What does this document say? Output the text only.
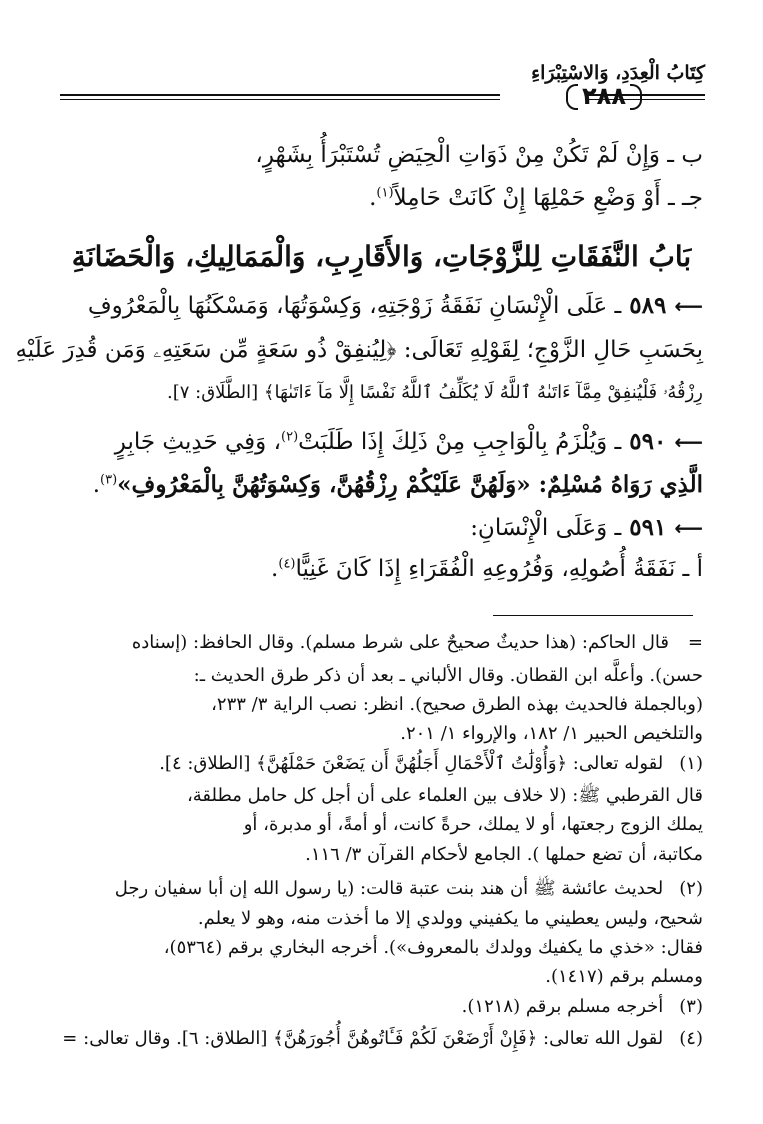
كِتَابُ الْعِدَدِ، وَالاسْتِبْرَاءِ
٢٨٨
ب ـ وَإِنْ لَمْ تَكُنْ مِنْ ذَوَاتِ الْحِيَضِ تُسْتَبْرَأُ بِشَهْرٍ،
جـ ـ أَوْ وَضْعِ حَمْلِهَا إِنْ كَانَتْ حَامِلاً$^{(١)}$.
بَابُ النَّفَقَاتِ لِلزَّوْجَاتِ، وَالأَقَارِبِ، وَالْمَمَالِيكِ، وَالْحَضَانَةِ
⟵ ٥٨٩ـ عَلَى الْإِنْسَانِ نَفَقَةُ زَوْجَتِهِ، وَكِسْوَتُهَا، وَمَسْكَنُهَا بِالْمَعْرُوفِ
بِحَسَبِ حَالِ الزَّوْجِ؛ لِقَوْلِهِ تَعَالَى: ﴿لِيُنفِقْ ذُو سَعَةٍ مِّن سَعَتِهِۦ وَمَن قُدِرَ عَلَيْهِ
رِزْقُهُۥ فَلْيُنفِقْ مِمَّآ ءَاتَىٰهُ ٱللَّهُ لَا يُكَلِّفُ ٱللَّهُ نَفْسًا إِلَّا مَآ ءَاتَىٰهَا﴾ [الطَّلَاق: ٧].
⟵ ٥٩٠ـ وَيُلْزَمُ بِالْوَاجِبِ مِنْ ذَلِكَ إِذَا طَلَبَتْ$^{(٢)}$، وَفِي حَدِيثِ جَابِرٍ
الَّذِي رَوَاهُ مُسْلِمٌ: «وَلَهُنَّ عَلَيْكُمْ رِزْقُهُنَّ، وَكِسْوَتُهُنَّ بِالْمَعْرُوفِ»$^{(٣)}$.
⟵ ٥٩١ـ وَعَلَى الْإِنْسَانِ:
أ ـ نَفَقَةُ أُصُولِهِ، وَفُرُوعِهِ الْفُقَرَاءِ إِذَا كَانَ غَنِيًّا$^{(٤)}$.
=قال الحاكم: (هذا حديثٌ صحيحٌ على شرط مسلم). وقال الحافظ: (إسناده
حسن). وأعلَّه ابن القطان. وقال الألباني ـ بعد أن ذكر طرق الحديث ـ:
(وبالجملة فالحديث بهذه الطرق صحيح). انظر: نصب الراية ٣/ ٢٣٣،
والتلخيص الحبير ١/ ١٨٢، والإرواء ١/ ٢٠١.
(١) لقوله تعالى: ﴿وَأُوْلَٰتُ ٱلْأَحْمَالِ أَجَلُهُنَّ أَن يَضَعْنَ حَمْلَهُنَّ﴾ [الطلاق: ٤].
قال القرطبي ﷺ: (لا خلاف بين العلماء على أن أجل كل حامل مطلقة،
يملك الزوج رجعتها، أو لا يملك، حرةً كانت، أو أمةً، أو مدبرة، أو
مكاتبة، أن تضع حملها ). الجامع لأحكام القرآن ٣/ ١١٦.
(٢) لحديث عائشة ﷺ أن هند بنت عتبة قالت: (يا رسول الله إن أبا سفيان رجل
شحيح، وليس يعطيني ما يكفيني وولدي إلا ما أخذت منه، وهو لا يعلم.
فقال: «خذي ما يكفيك وولدك بالمعروف»). أخرجه البخاري برقم (٥٣٦٤)،
ومسلم برقم (١٤١٧).
(٣) أخرجه مسلم برقم (١٢١٨).
(٤) لقول الله تعالى: ﴿فَإِنْ أَرْضَعْنَ لَكُمْ فَـَٔاتُوهُنَّ أُجُورَهُنَّ﴾ [الطلاق: ٦]. وقال تعالى: =
